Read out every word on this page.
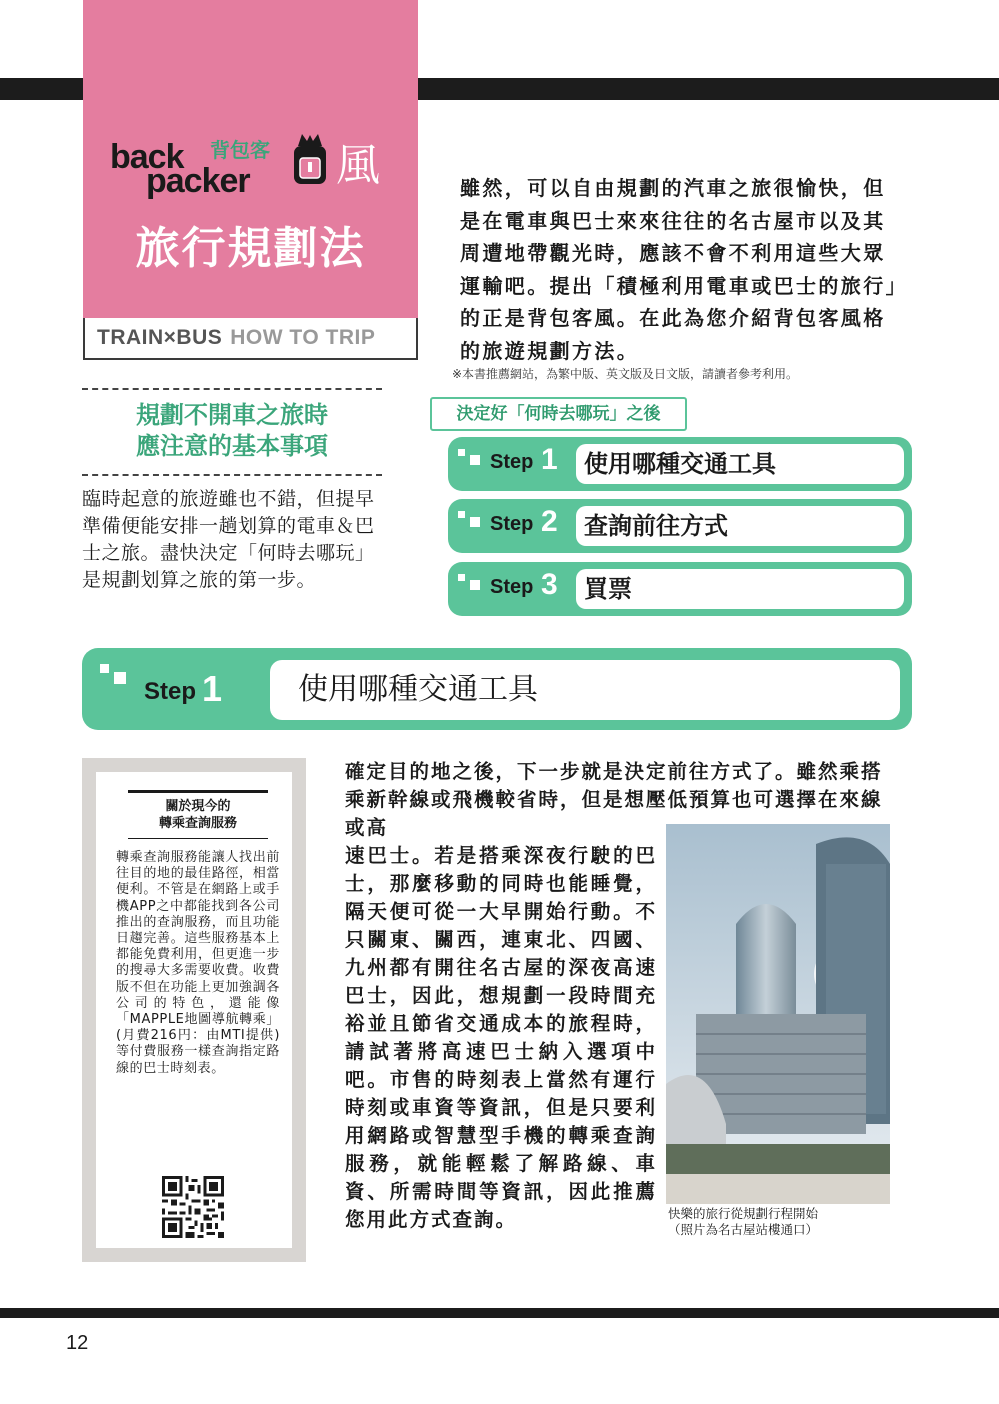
back 背包客
packer 風
旅行規劃法
TRAIN×BUS HOW TO TRIP
雖然，可以自由規劃的汽車之旅很愉快，但是在電車與巴士來來往往的名古屋市以及其周遭地帶觀光時，應該不會不利用這些大眾運輸吧。提出「積極利用電車或巴士的旅行」的正是背包客風。在此為您介紹背包客風格的旅遊規劃方法。
※本書推薦網站，為繁中版、英文版及日文版，請讀者參考利用。
規劃不開車之旅時
應注意的基本事項
臨時起意的旅遊雖也不錯，但提早準備便能安排一趟划算的電車＆巴士之旅。盡快決定「何時去哪玩」是規劃划算之旅的第一步。
決定好「何時去哪玩」之後
Step 1	使用哪種交通工具
Step 2	查詢前往方式
Step 3	買票
Step 1	使用哪種交通工具
關於現今的
轉乘查詢服務
轉乘查詢服務能讓人找出前往目的地的最佳路徑，相當便利。不管是在網路上或手機APP之中都能找到各公司推出的查詢服務，而且功能日趨完善。這些服務基本上都能免費利用，但更進一步的搜尋大多需要收費。收費版不但在功能上更加強調各公司的特色，還能像「MAPPLE地圖導航轉乘」(月費216円：由MTI提供)等付費服務一樣查詢指定路線的巴士時刻表。
確定目的地之後，下一步就是決定前往方式了。雖然乘搭乘新幹線或飛機較省時，但是想壓低預算也可選擇在來線或高
速巴士。若是搭乘深夜行駛的巴士，那麼移動的同時也能睡覺，隔天便可從一大早開始行動。不只關東、關西，連東北、四國、九州都有開往名古屋的深夜高速巴士，因此，想規劃一段時間充裕並且節省交通成本的旅程時，請試著將高速巴士納入選項中吧。市售的時刻表上當然有運行時刻或車資等資訊，但是只要利用網路或智慧型手機的轉乘查詢服務，就能輕鬆了解路線、車資、所需時間等資訊，因此推薦您用此方式查詢。	快樂的旅行從規劃行程開始
（照片為名古屋站樓通口）
12
